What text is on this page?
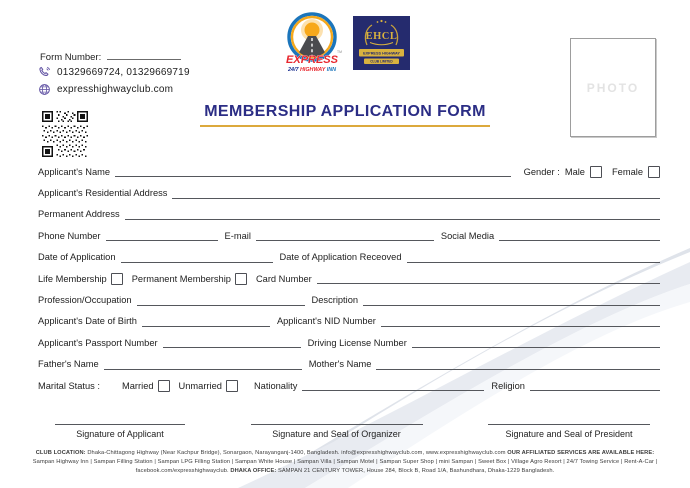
Form Number:
01329669724, 01329669719
expresshighwayclub.com
EXPRESS
TM
24/7 HIGHWAY INN
EHCL
EXPRESS HIGHWAY
CLUB LIMITED
MEMBERSHIP APPLICATION FORM
PHOTO
Applicant's Name	Gender : Male	Female
Applicant's Residential Address
Permanent Address
Phone Number	E-mail	Social Media
Date of Application	Date of Application Receoved
Life Membership	Permanent Membership	Card Number
Profession/Occupation	Description
Applicant's Date of Birth	Applicant's NID Number
Applicant's Passport Number	Driving License Number
Father's Name	Mother's Name
Marital Status : Married	Unmarried	Nationality	Religion
Signature of Applicant	Signature and Seal of Organizer	Signature and Seal of President
CLUB LOCATION: Dhaka-Chittagong Highway (Near Kachpur Bridge), Sonargaon, Narayanganj-1400, Bangladesh. info@expresshighwayclub.com, www.expresshighwayclub.com OUR AFFILIATED SERVICES ARE AVAILABLE HERE: Sampan Highway Inn | Sampan Filling Station | Sampan LPG Filling Station | Sampan White House | Sampan Villa | Sampan Motel | Sampan Super Shop | mini Sampan | Sweet Box | Village Agro Resort | 24/7 Towing Service | Rent-A-Car | facebook.com/expresshighwayclub. DHAKA OFFICE: SAMPAN 21 CENTURY TOWER, House 284, Block B, Road 1/A, Bashundhara, Dhaka-1229 Bangladesh.
